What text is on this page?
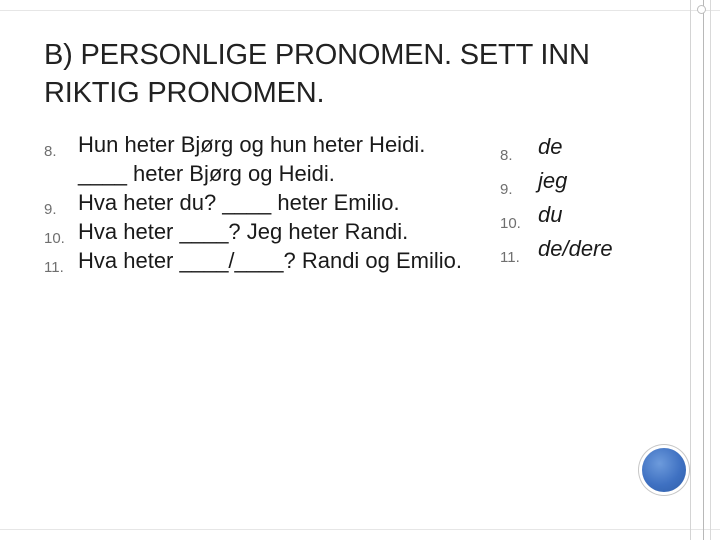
B) PERSONLIGE PRONOMEN. SETT INN RIKTIG PRONOMEN.
8. Hun heter Bjørg og hun heter Heidi. ____ heter Bjørg og Heidi.
9. Hva heter du? ____ heter Emilio.
10. Hva heter ____? Jeg heter Randi.
11. Hva heter ____/____? Randi og Emilio.
8. de
9. jeg
10. du
11. de/dere
